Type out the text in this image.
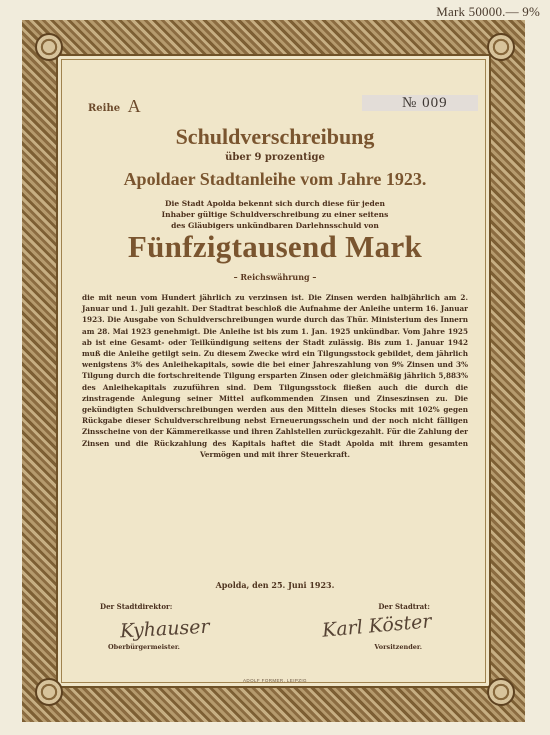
Mark 50000.— 9%
Reihe A	№ 009
Schuldverschreibung
über 9 prozentige
Apoldaer Stadtanleihe vom Jahre 1923.
Die Stadt Apolda bekennt sich durch diese für jeden
Inhaber gültige Schuldverschreibung zu einer seitens
des Gläubigers unkündbaren Darlehnsschuld von
Fünfzigtausend Mark
– Reichswährung –
die mit neun vom Hundert jährlich zu verzinsen ist. Die Zinsen werden halbjährlich am 2. Januar und 1. Juli gezahlt. Der Stadtrat beschloß die Aufnahme der Anleihe unterm 16. Januar 1923. Die Ausgabe von Schuldverschreibungen wurde durch das Thür. Ministerium des Innern am 28. Mai 1923 genehmigt. Die Anleihe ist bis zum 1. Jan. 1925 unkündbar. Vom Jahre 1925 ab ist eine Gesamt- oder Teilkündigung seitens der Stadt zulässig. Bis zum 1. Januar 1942 muß die Anleihe getilgt sein. Zu diesem Zwecke wird ein Tilgungsstock gebildet, dem jährlich wenigstens 3% des Anleihekapitals, sowie die bei einer Jahreszahlung von 9% Zinsen und 3% Tilgung durch die fortschreitende Tilgung ersparten Zinsen oder gleichmäßig jährlich 5,883% des Anleihekapitals zuzuführen sind. Dem Tilgungsstock fließen auch die durch die zinstragende Anlegung seiner Mittel aufkommenden Zinsen und Zinseszinsen zu. Die gekündigten Schuldverschreibungen werden aus den Mitteln dieses Stocks mit 102% gegen Rückgabe dieser Schuldverschreibung nebst Erneuerungsschein und der noch nicht fälligen Zinsscheine von der Kämmereikasse und ihren Zahlstellen zurückgezahlt. Für die Zahlung der Zinsen und die Rückzahlung des Kapitals haftet die Stadt Apolda mit ihrem gesamten Vermögen und mit ihrer Steuerkraft.
Apolda, den 25. Juni 1923.
Der Stadtdirektor:	Der Stadtrat:
Kyhauser	Karl Köster
Oberbürgermeister.	Vorsitzender.
ADOLF FORMER, LEIPZIG
